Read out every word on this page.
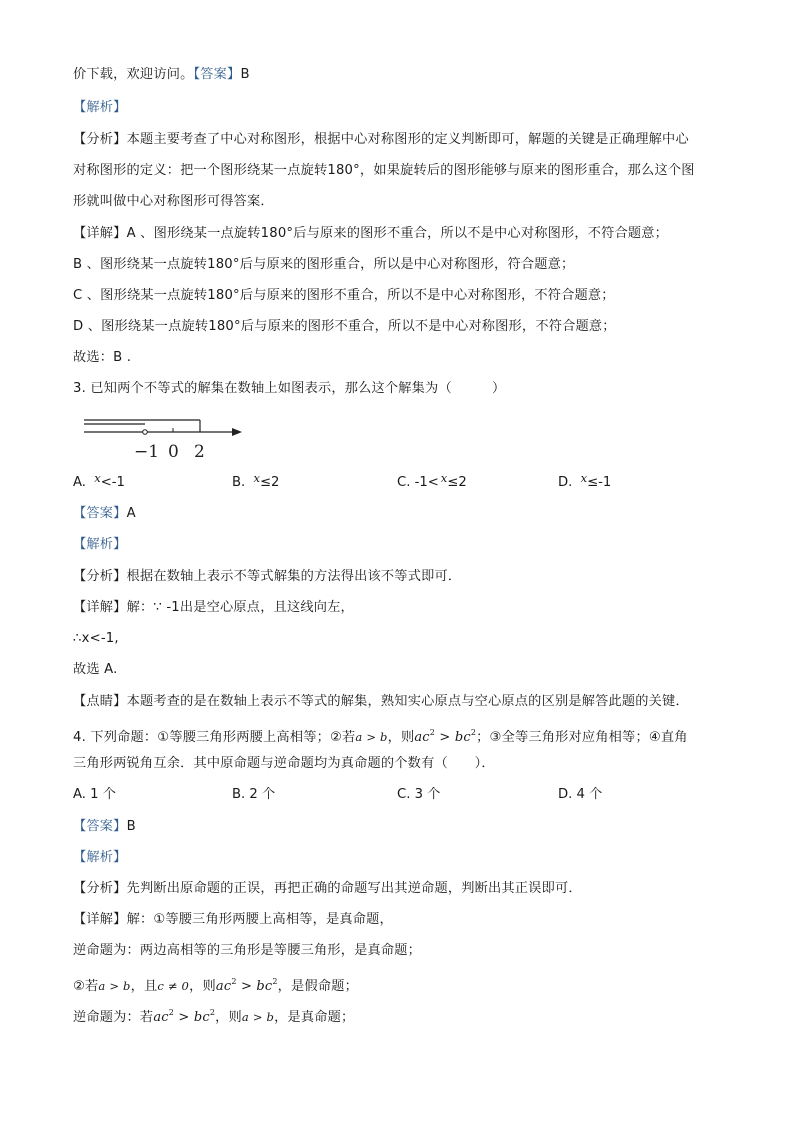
价下载，欢迎访问。【答案】B
【解析】
【分析】本题主要考查了中心对称图形，根据中心对称图形的定义判断即可，解题的关键是正确理解中心
对称图形的定义：把一个图形绕某一点旋转180°，如果旋转后的图形能够与原来的图形重合，那么这个图
形就叫做中心对称图形可得答案．
【详解】A 、图形绕某一点旋转180°后与原来的图形不重合，所以不是中心对称图形，不符合题意；
B 、图形绕某一点旋转180°后与原来的图形重合，所以是中心对称图形，符合题意；
C 、图形绕某一点旋转180°后与原来的图形不重合，所以不是中心对称图形，不符合题意；
D 、图形绕某一点旋转180°后与原来的图形不重合，所以不是中心对称图形，不符合题意；
故选：B .
3. 已知两个不等式的解集在数轴上如图表示，那么这个解集为（　　　）
−1 0 2
A. x<-1	B. x≤2	C. -1< x≤2	D. x≤-1
【答案】A
【解析】
【分析】根据在数轴上表示不等式解集的方法得出该不等式即可．
【详解】解：∵ -1出是空心原点，且这线向左，
∴x<-1,
故选 A.
【点睛】本题考查的是在数轴上表示不等式的解集，熟知实心原点与空心原点的区别是解答此题的关键．
4. 下列命题：①等腰三角形两腰上高相等；②若a > b，则$ac^2 > bc^2$；③全等三角形对应角相等；④直角
三角形两锐角互余．其中原命题与逆命题均为真命题的个数有（　　）．
A. 1 个	B. 2 个	C. 3 个	D. 4 个
【答案】B
【解析】
【分析】先判断出原命题的正误，再把正确的命题写出其逆命题，判断出其正误即可．
【详解】解：①等腰三角形两腰上高相等，是真命题，
逆命题为：两边高相等的三角形是等腰三角形，是真命题；
②若a > b，且c ≠ 0，则$ac^2 > bc^2$，是假命题；
逆命题为：若$ac^2 > bc^2$，则a > b，是真命题；
